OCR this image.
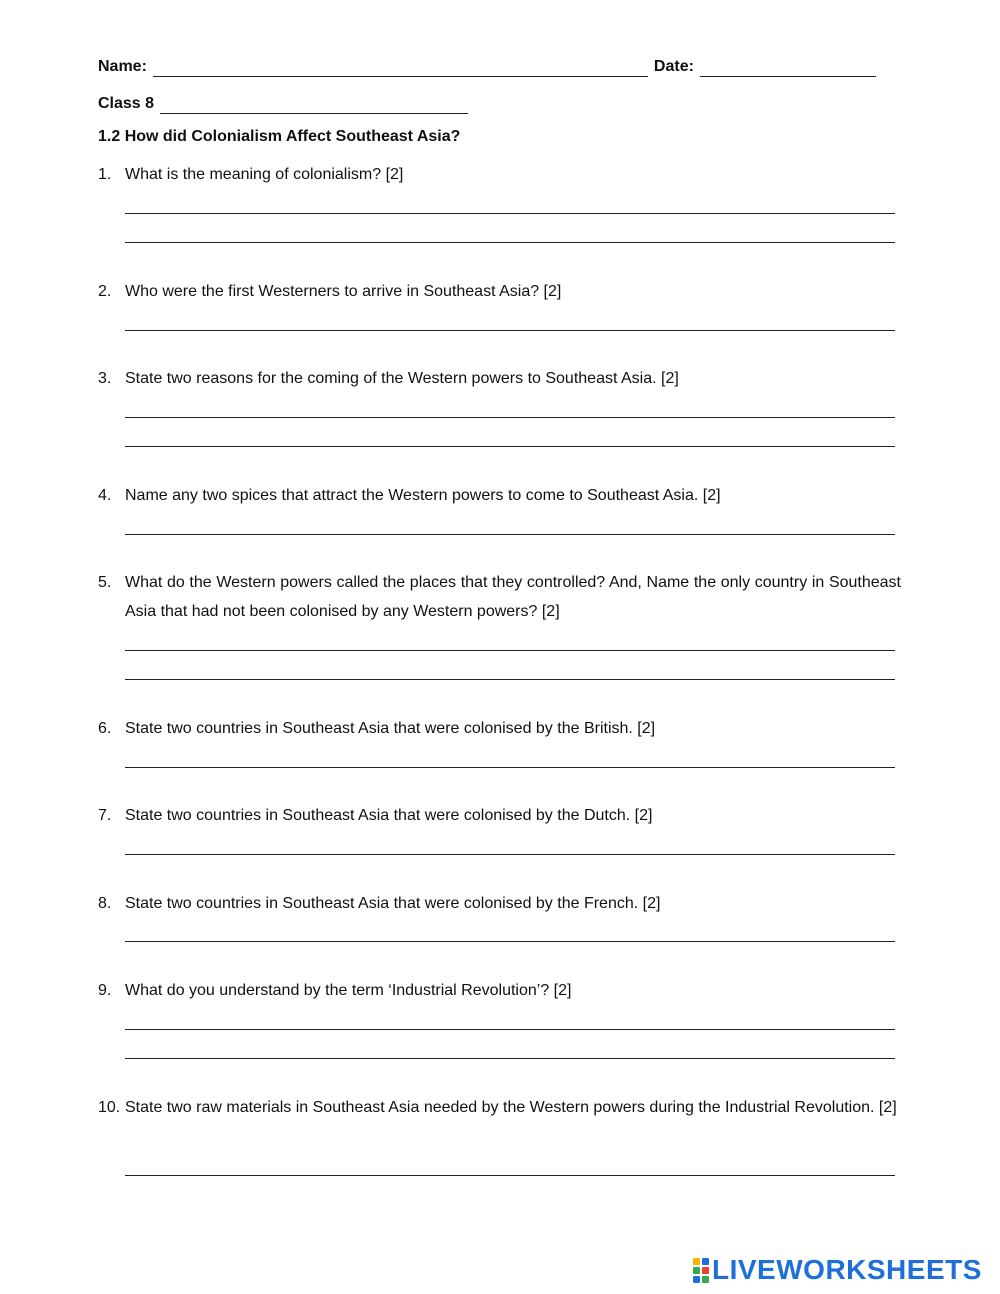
Name:	Date:
Class 8
1.2 How did Colonialism Affect Southeast Asia?
1. What is the meaning of colonialism? [2]
2. Who were the first Westerners to arrive in Southeast Asia? [2]
3. State two reasons for the coming of the Western powers to Southeast Asia. [2]
4. Name any two spices that attract the Western powers to come to Southeast Asia. [2]
5. What do the Western powers called the places that they controlled? And, Name the only country in Southeast Asia that had not been colonised by any Western powers? [2]
6. State two countries in Southeast Asia that were colonised by the British. [2]
7. State two countries in Southeast Asia that were colonised by the Dutch. [2]
8. State two countries in Southeast Asia that were colonised by the French. [2]
9. What do you understand by the term ‘Industrial Revolution’? [2]
10. State two raw materials in Southeast Asia needed by the Western powers during the Industrial Revolution. [2]
LIVEWORKSHEETS
